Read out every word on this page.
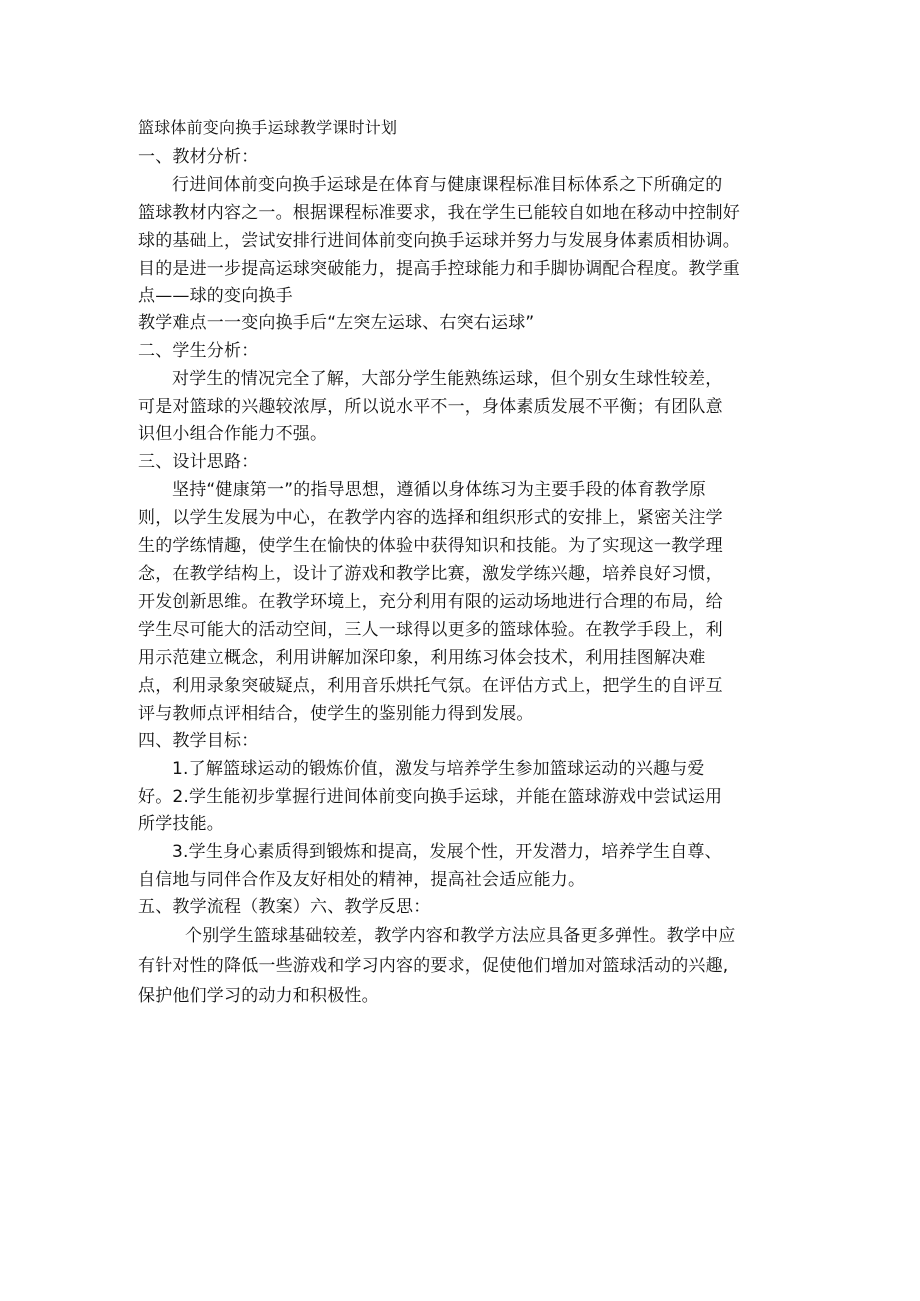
篮球体前变向换手运球教学课时计划
一、教材分析：
行进间体前变向换手运球是在体育与健康课程标准目标体系之下所确定的
篮球教材内容之一。根据课程标准要求，我在学生已能较自如地在移动中控制好
球的基础上，尝试安排行进间体前变向换手运球并努力与发展身体素质相协调。
目的是进一步提高运球突破能力，提高手控球能力和手脚协调配合程度。教学重
点——球的变向换手
教学难点一一变向换手后“左突左运球、右突右运球”
二、学生分析：
对学生的情况完全了解，大部分学生能熟练运球，但个别女生球性较差，
可是对篮球的兴趣较浓厚，所以说水平不一，身体素质发展不平衡；有团队意
识但小组合作能力不强。
三、设计思路：
坚持“健康第一”的指导思想，遵循以身体练习为主要手段的体育教学原
则，以学生发展为中心，在教学内容的选择和组织形式的安排上，紧密关注学
生的学练情趣，使学生在愉快的体验中获得知识和技能。为了实现这一教学理
念，在教学结构上，设计了游戏和教学比赛，激发学练兴趣，培养良好习惯，
开发创新思维。在教学环境上，充分利用有限的运动场地进行合理的布局，给
学生尽可能大的活动空间，三人一球得以更多的篮球体验。在教学手段上，利
用示范建立概念，利用讲解加深印象，利用练习体会技术，利用挂图解决难
点，利用录象突破疑点，利用音乐烘托气氛。在评估方式上，把学生的自评互
评与教师点评相结合，使学生的鉴别能力得到发展。
四、教学目标：
1.了解篮球运动的锻炼价值，激发与培养学生参加篮球运动的兴趣与爱
好。2.学生能初步掌握行进间体前变向换手运球，并能在篮球游戏中尝试运用
所学技能。
3.学生身心素质得到锻炼和提高，发展个性，开发潜力，培养学生自尊、
自信地与同伴合作及友好相处的精神，提高社会适应能力。
五、教学流程（教案）六、教学反思：
个别学生篮球基础较差，教学内容和教学方法应具备更多弹性。教学中应
有针对性的降低一些游戏和学习内容的要求，促使他们增加对篮球活动的兴趣,
保护他们学习的动力和积极性。
